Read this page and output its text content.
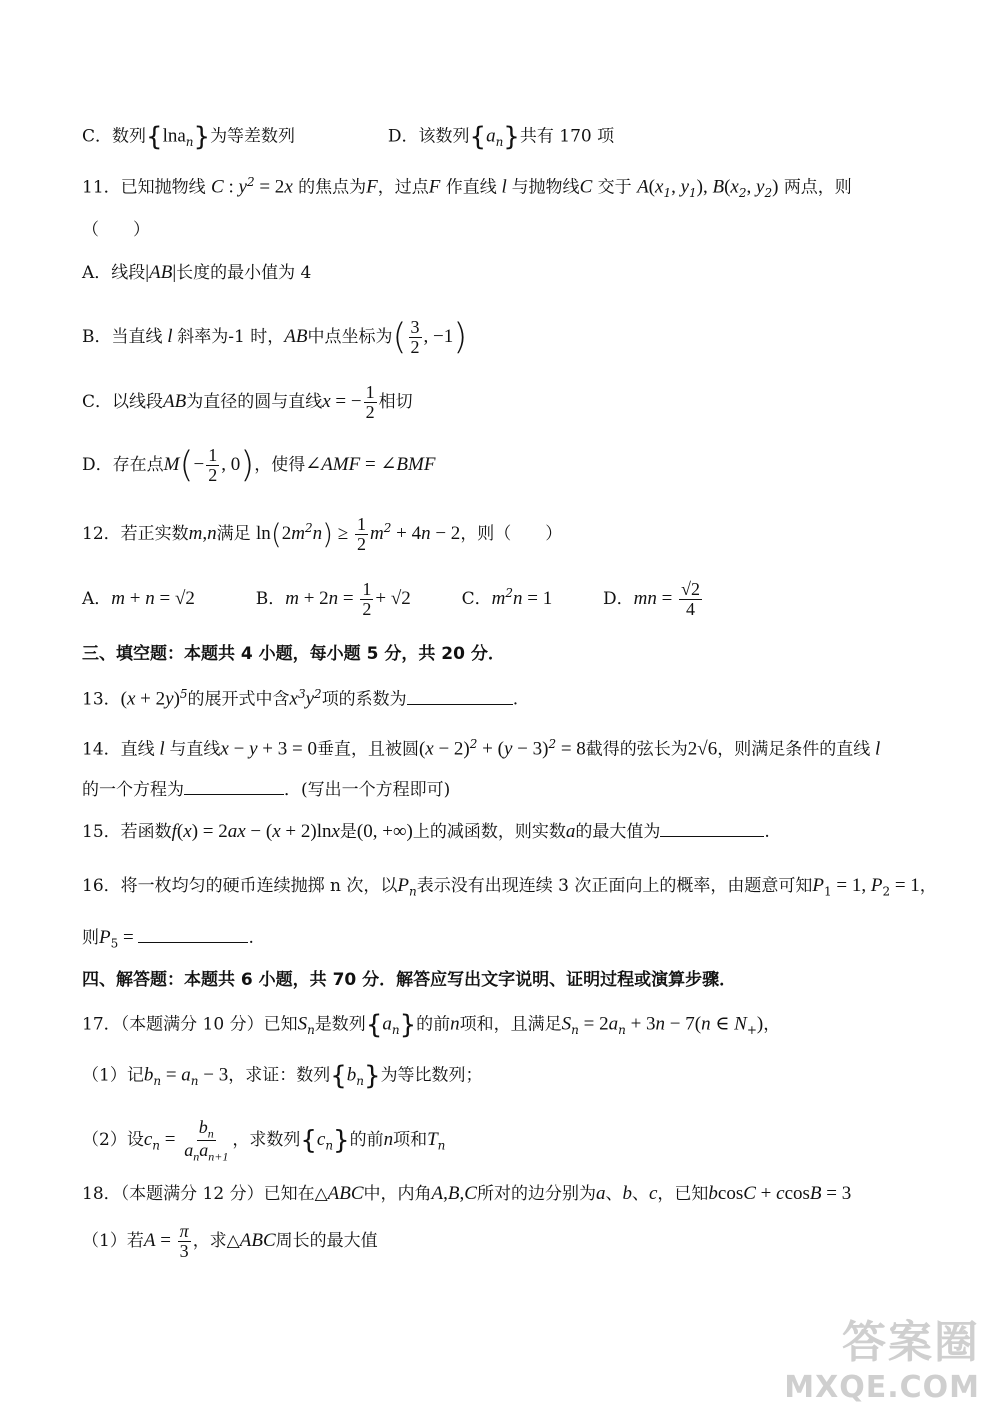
C．数列{lna$_n$}为等差数列	D．该数列$\{a_n\}$共有 170 项
11．已知抛物线 C : $y^2 = 2x$ 的焦点为F，过点F 作直线 l 与抛物线C 交于 $A(x_1$, $y_1$), $B(x_2$, $y_2$) 两点，则
（　　）
A．线段|AB|长度的最小值为 4
B．当直线 l 斜率为-1 时，AB中点坐标为( $\frac{3}{2}$ , −1)
C．以线段AB为直径的圆与直线x = − $\frac{1}{2}$ 相切
D．存在点$M(- \frac{1}{2}$ , 0)，使得∠AMF = ∠BMF
12．若正实数m,n满足 $\ln(2m^2n) \ge \frac{1}{2} m^2 + 4n - 2$，则（　　）
A．m + n = √2	B．$m + 2n = \frac{1}{2} + √2$	C．$m^2n = 1$	D．mn = $\frac{√2}{4}$
三、填空题：本题共 4 小题，每小题 5 分，共 20 分．
13．$(x + 2y)^5$的展开式中含$x^3y^2$项的系数为	.
14．直线 l 与直线x − y + 3 = 0垂直，且被圆$(x - 2)^2 + (y - 3)^2 = 8$截得的弦长为2√6，则满足条件的直线 l
的一个方程为	．(写出一个方程即可)
15．若函数f(x) = 2ax − (x + 2)lnx是(0, +∞)上的减函数，则实数a的最大值为	.
16．将一枚均匀的硬币连续抛掷 n 次，以$P_n$表示没有出现连续 3 次正面向上的概率，由题意可知$P_1 = 1$, $P_2 = 1$，
则$P_5$ =	.
四、解答题：本题共 6 小题，共 70 分．解答应写出文字说明、证明过程或演算步骤．
17．（本题满分 10 分）已知$S_n$是数列$\{a_n\}$的前n项和，且满足$S_n = 2a_n + 3n - 7(n$ ∈ $N_+$)，
（1）记$b_n = a_n - 3$，求证：数列$\{b_n\}$为等比数列；
（2）设$c_n = \frac{b_n}{a_na_{n+1}}$ ，求数列$\{c_n\}$的前n项和$T_n$
18．（本题满分 12 分）已知在△ABC中，内角A,B,C所对的边分别为a、b、c，已知bcosC + ccosB = 3
（1）若$A = \frac{\pi}{3}$ ，求△ABC周长的最大值
答案圈
MXQE.COM
